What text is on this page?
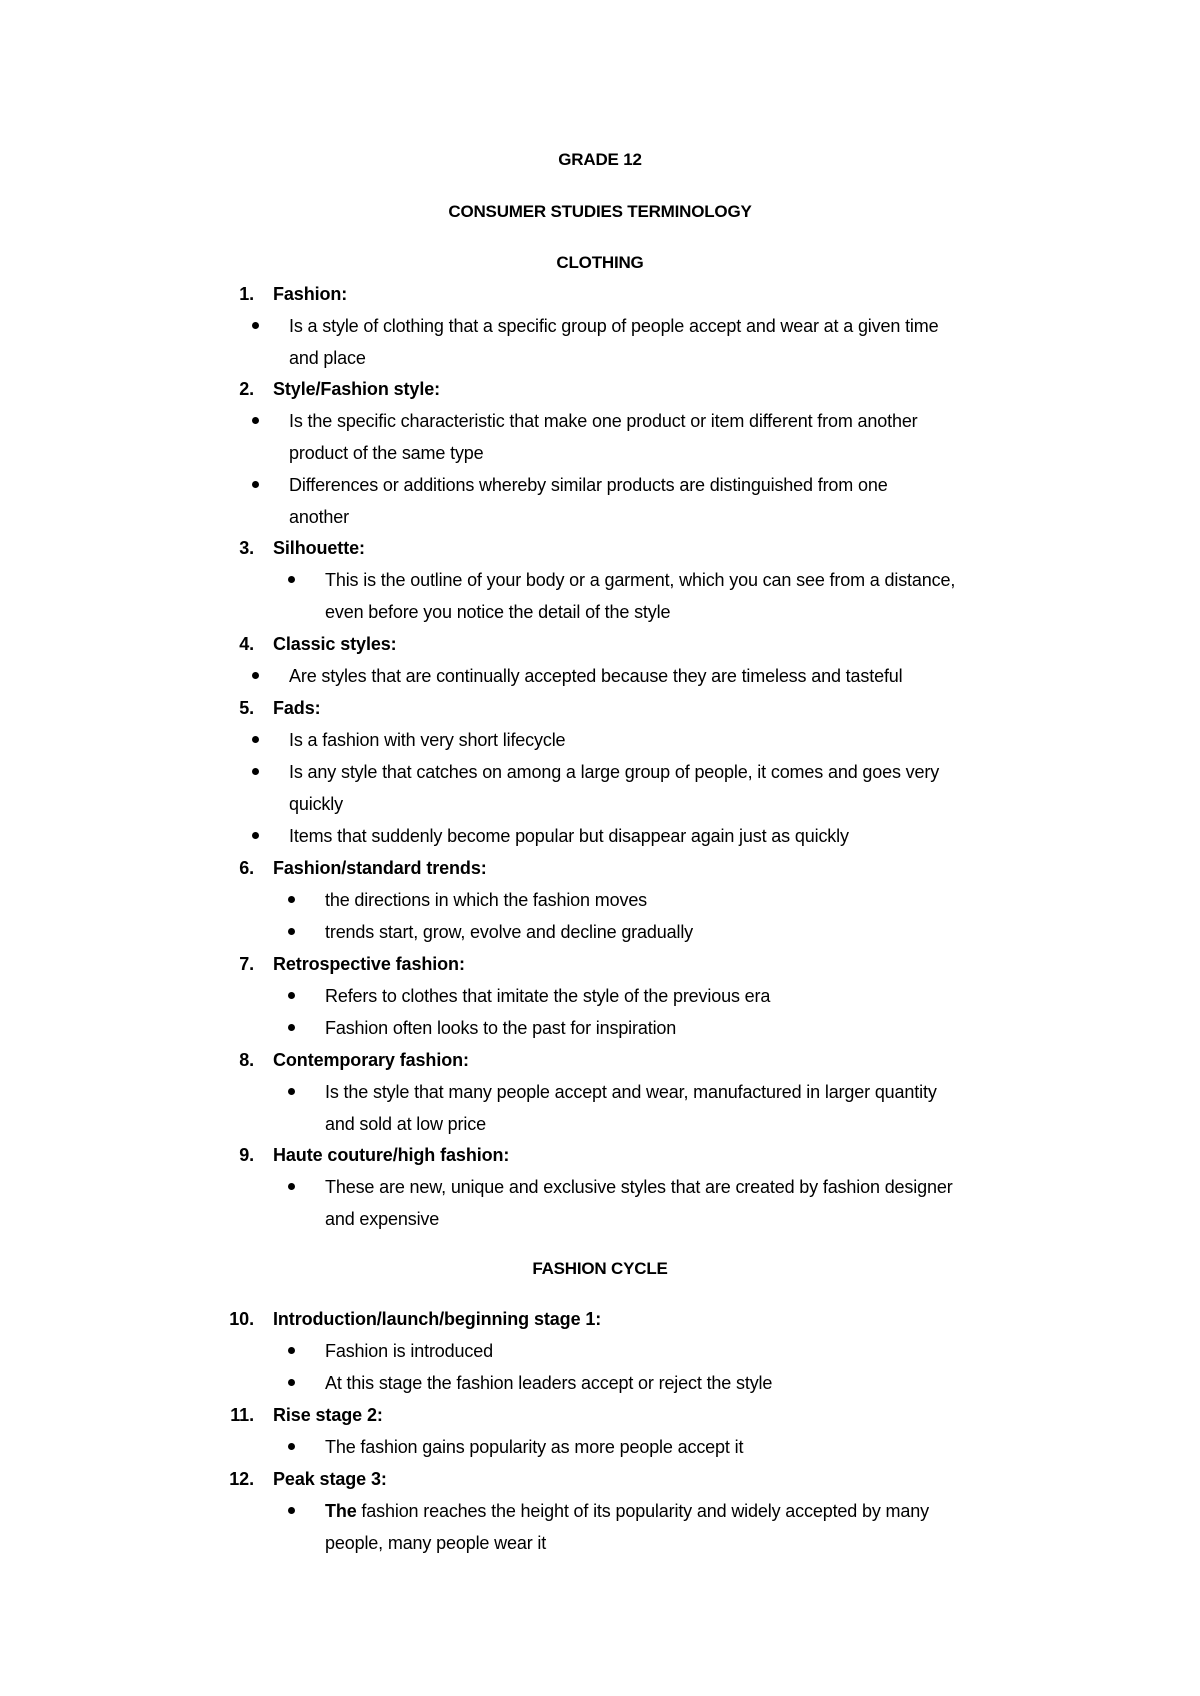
GRADE 12
CONSUMER STUDIES TERMINOLOGY
CLOTHING
1. Fashion:
Is a style of clothing that a specific group of people accept and wear at a given time
and place
2. Style/Fashion style:
Is the specific characteristic that make one product or item different from another
product of the same type
Differences or additions whereby similar products are distinguished from one
another
3. Silhouette:
This is the outline of your body or a garment, which you can see from a distance,
even before you notice the detail of the style
4. Classic styles:
Are styles that are continually accepted because they are timeless and tasteful
5. Fads:
Is a fashion with very short lifecycle
Is any style that catches on among a large group of people, it comes and goes very
quickly
Items that suddenly become popular but disappear again just as quickly
6. Fashion/standard trends:
the directions in which the fashion moves
trends start, grow, evolve and decline gradually
7. Retrospective fashion:
Refers to clothes that imitate the style of the previous era
Fashion often looks to the past for inspiration
8. Contemporary fashion:
Is the style that many people accept and wear, manufactured in larger quantity
and sold at low price
9. Haute couture/high fashion:
These are new, unique and exclusive styles that are created by fashion designer
and expensive
FASHION CYCLE
10. Introduction/launch/beginning stage 1:
Fashion is introduced
At this stage the fashion leaders accept or reject the style
11. Rise stage 2:
The fashion gains popularity as more people accept it
12. Peak stage 3:
The fashion reaches the height of its popularity and widely accepted by many
people, many people wear it
